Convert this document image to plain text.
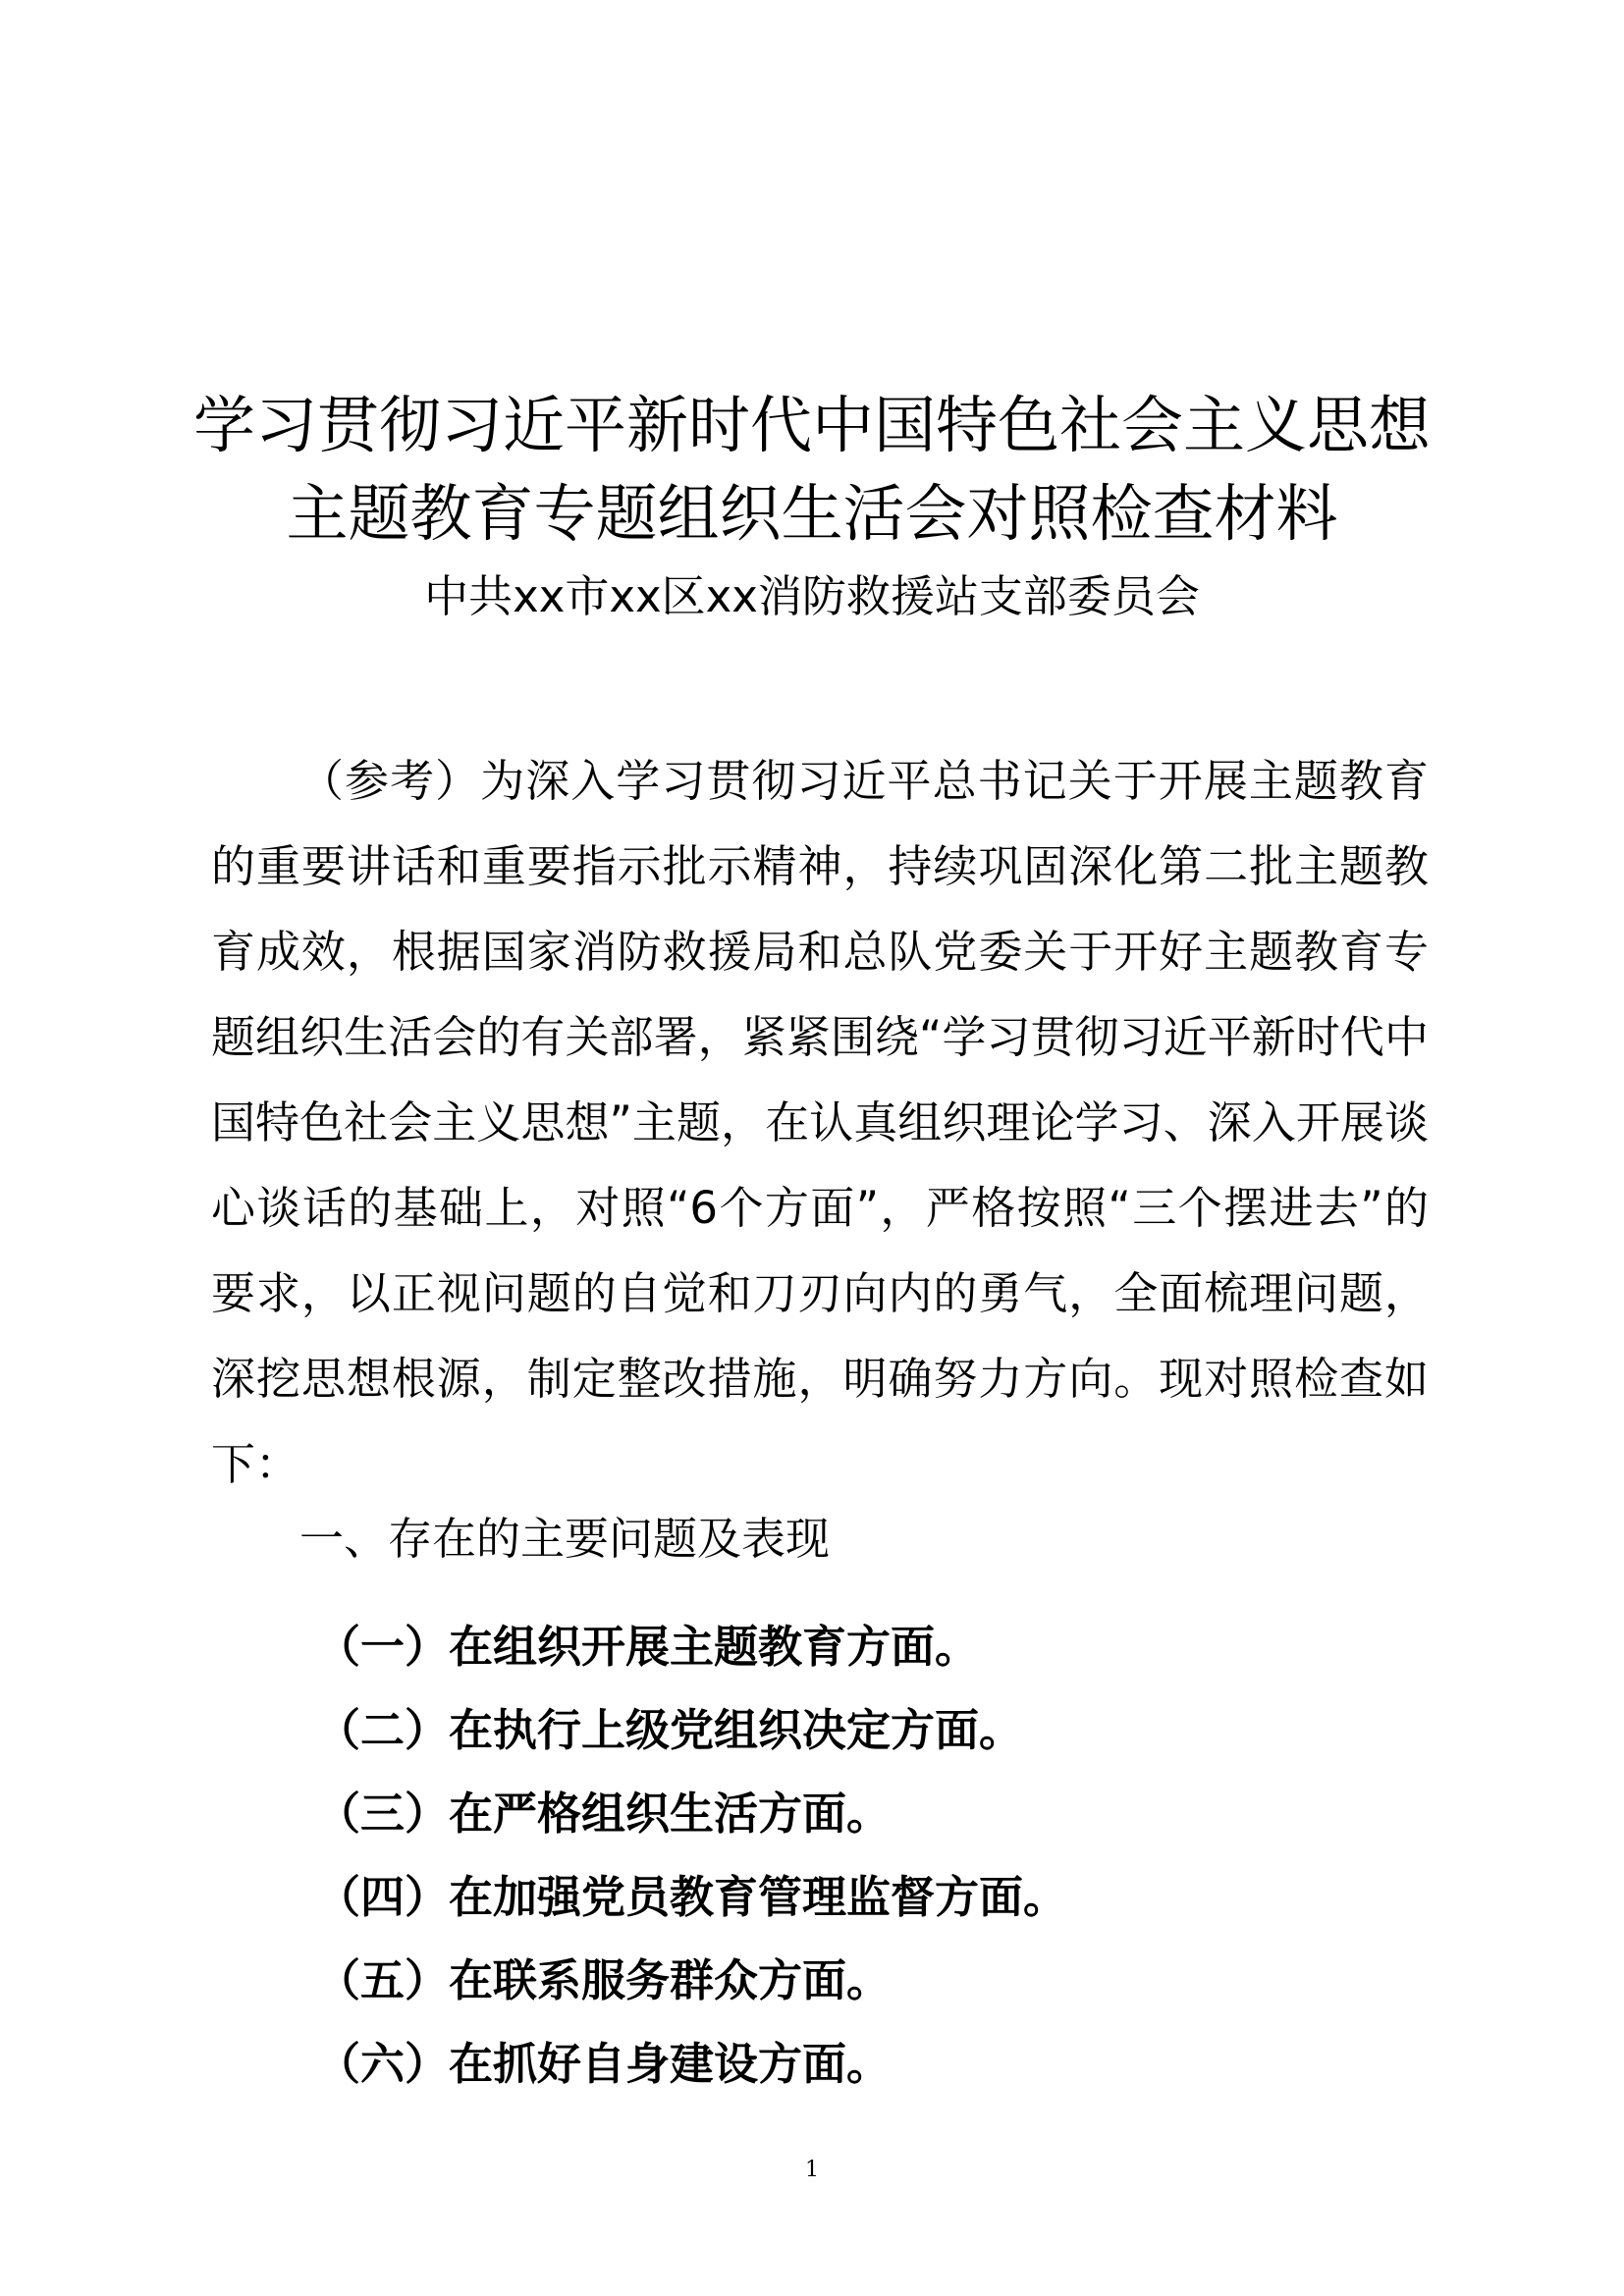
学习贯彻习近平新时代中国特色社会主义思想
主题教育专题组织生活会对照检查材料
中共xx市xx区xx消防救援站支部委员会

（参考）为深入学习贯彻习近平总书记关于开展主题教育的重要讲话和重要指示批示精神，持续巩固深化第二批主题教育成效，根据国家消防救援局和总队党委关于开好主题教育专题组织生活会的有关部署，紧紧围绕“学习贯彻习近平新时代中国特色社会主义思想”主题，在认真组织理论学习、深入开展谈心谈话的基础上，对照“6个方面”，严格按照“三个摆进去”的要求，以正视问题的自觉和刀刃向内的勇气，全面梳理问题，深挖思想根源，制定整改措施，明确努力方向。现对照检查如下：

一、存在的主要问题及表现
（一）在组织开展主题教育方面。
（二）在执行上级党组织决定方面。
（三）在严格组织生活方面。
（四）在加强党员教育管理监督方面。
（五）在联系服务群众方面。
（六）在抓好自身建设方面。
1
